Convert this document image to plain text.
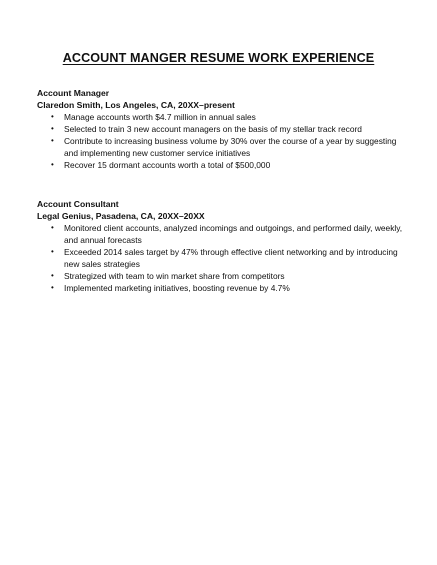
ACCOUNT MANGER RESUME WORK EXPERIENCE

Account Manager

Claredon Smith, Los Angeles, CA, 20XX–present

• Manage accounts worth $4.7 million in annual sales
• Selected to train 3 new account managers on the basis of my stellar track record
• Contribute to increasing business volume by 30% over the course of a year by suggesting and implementing new customer service initiatives
• Recover 15 dormant accounts worth a total of $500,000

Account Consultant

Legal Genius, Pasadena, CA, 20XX–20XX

• Monitored client accounts, analyzed incomings and outgoings, and performed daily, weekly, and annual forecasts
• Exceeded 2014 sales target by 47% through effective client networking and by introducing new sales strategies
• Strategized with team to win market share from competitors
• Implemented marketing initiatives, boosting revenue by 4.7%
